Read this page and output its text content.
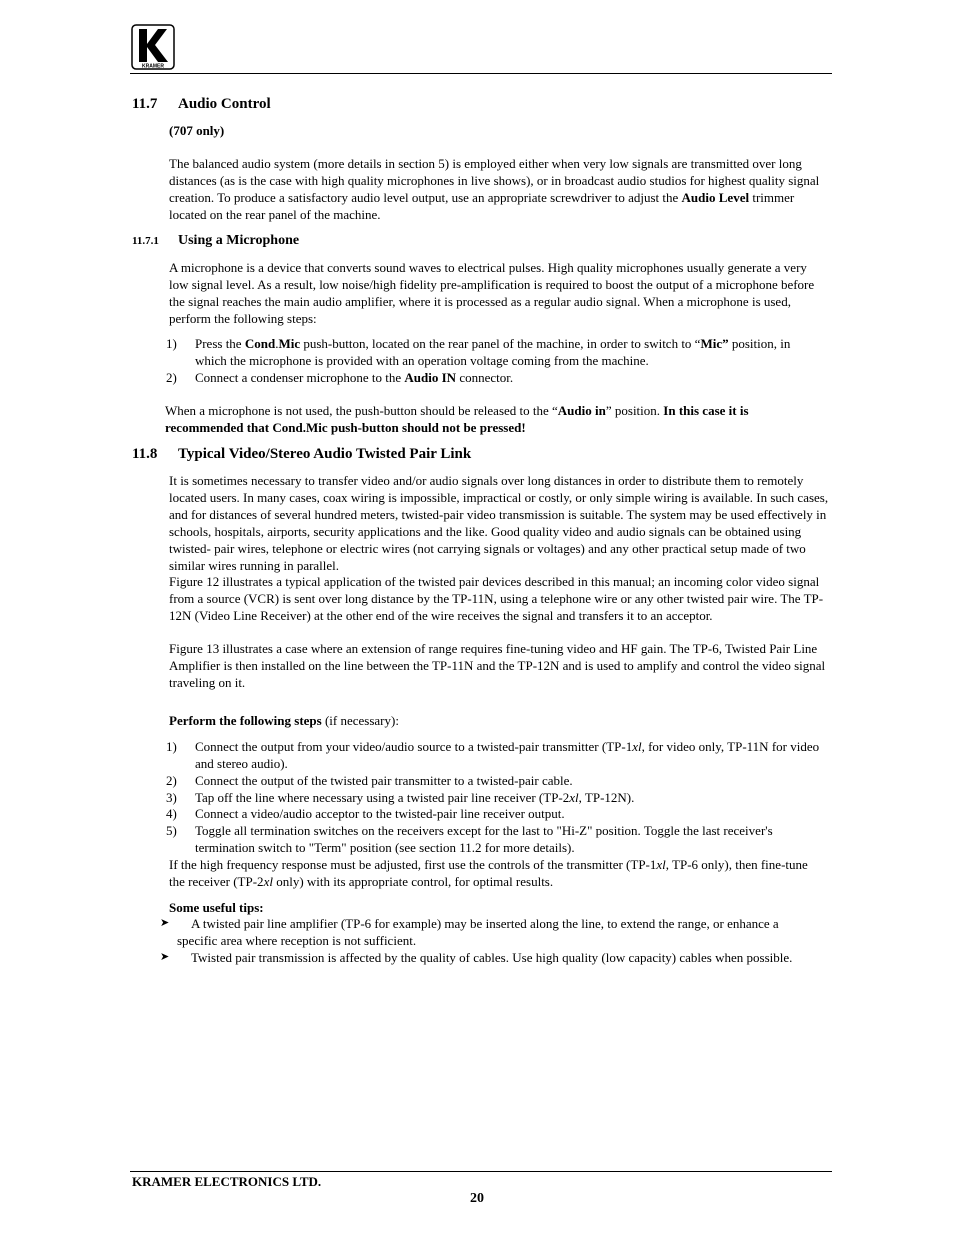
KRAMER
11.7 Audio Control
(707 only)

The balanced audio system (more details in section 5) is employed either when very low signals are transmitted over long distances (as is the case with high quality microphones in live shows), or in broadcast audio studios for highest quality signal creation. To produce a satisfactory audio level output, use an appropriate screwdriver to adjust the Audio Level trimmer located on the rear panel of the machine.

11.7.1 Using a Microphone

A microphone is a device that converts sound waves to electrical pulses. High quality microphones usually generate a very low signal level. As a result, low noise/high fidelity pre-amplification is required to boost the output of a microphone before the signal reaches the main audio amplifier, where it is processed as a regular audio signal. When a microphone is used, perform the following steps:

1) Press the Cond.Mic push-button, located on the rear panel of the machine, in order to switch to “Mic” position, in which the microphone is provided with an operation voltage coming from the machine.
2) Connect a condenser microphone to the Audio IN connector.

When a microphone is not used, the push-button should be released to the “Audio in” position. In this case it is recommended that Cond.Mic push-button should not be pressed!

11.8 Typical Video/Stereo Audio Twisted Pair Link

It is sometimes necessary to transfer video and/or audio signals over long distances in order to distribute them to remotely located users. In many cases, coax wiring is impossible, impractical or costly, or only simple wiring is available. In such cases, and for distances of several hundred meters, twisted-pair video transmission is suitable. The system may be used effectively in schools, hospitals, airports, security applications and the like. Good quality video and audio signals can be obtained using twisted- pair wires, telephone or electric wires (not carrying signals or voltages) and any other practical setup made of two similar wires running in parallel.

Figure 12 illustrates a typical application of the twisted pair devices described in this manual; an incoming color video signal from a source (VCR) is sent over long distance by the TP-11N, using a telephone wire or any other twisted pair wire. The TP-12N (Video Line Receiver) at the other end of the wire receives the signal and transfers it to an acceptor.

Figure 13 illustrates a case where an extension of range requires fine-tuning video and HF gain. The TP-6, Twisted Pair Line Amplifier is then installed on the line between the TP-11N and the TP-12N and is used to amplify and control the video signal traveling on it.

Perform the following steps (if necessary):

1) Connect the output from your video/audio source to a twisted-pair transmitter (TP-1xl, for video only, TP-11N for video and stereo audio).
2) Connect the output of the twisted pair transmitter to a twisted-pair cable.
3) Tap off the line where necessary using a twisted pair line receiver (TP-2xl, TP-12N).
4) Connect a video/audio acceptor to the twisted-pair line receiver output.
5) Toggle all termination switches on the receivers except for the last to "Hi-Z" position. Toggle the last receiver's termination switch to "Term" position (see section 11.2 for more details).

If the high frequency response must be adjusted, first use the controls of the transmitter (TP-1xl, TP-6 only), then fine-tune the receiver (TP-2xl only) with its appropriate control, for optimal results.

Some useful tips:
➤	A twisted pair line amplifier (TP-6 for example) may be inserted along the line, to extend the range, or enhance a specific area where reception is not sufficient.
➤	Twisted pair transmission is affected by the quality of cables. Use high quality (low capacity) cables when possible.
KRAMER ELECTRONICS LTD.
20
